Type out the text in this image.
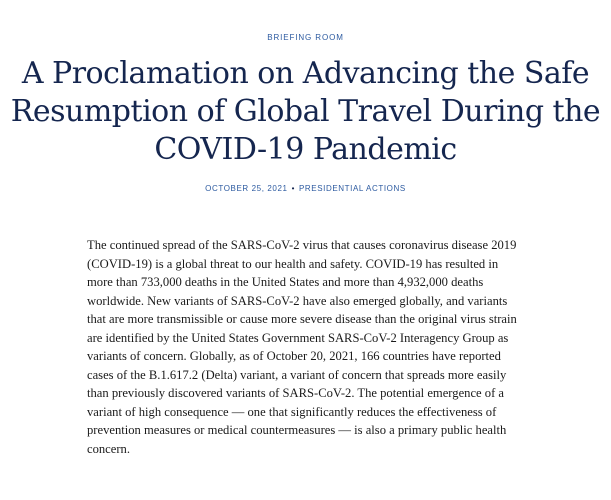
BRIEFING ROOM
A Proclamation on Advancing the Safe Resumption of Global Travel During the COVID-19 Pandemic
OCTOBER 25, 2021 • PRESIDENTIAL ACTIONS

The continued spread of the SARS-CoV-2 virus that causes coronavirus disease 2019 (COVID-19) is a global threat to our health and safety. COVID-19 has resulted in more than 733,000 deaths in the United States and more than 4,932,000 deaths worldwide. New variants of SARS-CoV-2 have also emerged globally, and variants that are more transmissible or cause more severe disease than the original virus strain are identified by the United States Government SARS-CoV-2 Interagency Group as variants of concern. Globally, as of October 20, 2021, 166 countries have reported cases of the B.1.617.2 (Delta) variant, a variant of concern that spreads more easily than previously discovered variants of SARS-CoV-2. The potential emergence of a variant of high consequence — one that significantly reduces the effectiveness of prevention measures or medical countermeasures — is also a primary public health concern.
